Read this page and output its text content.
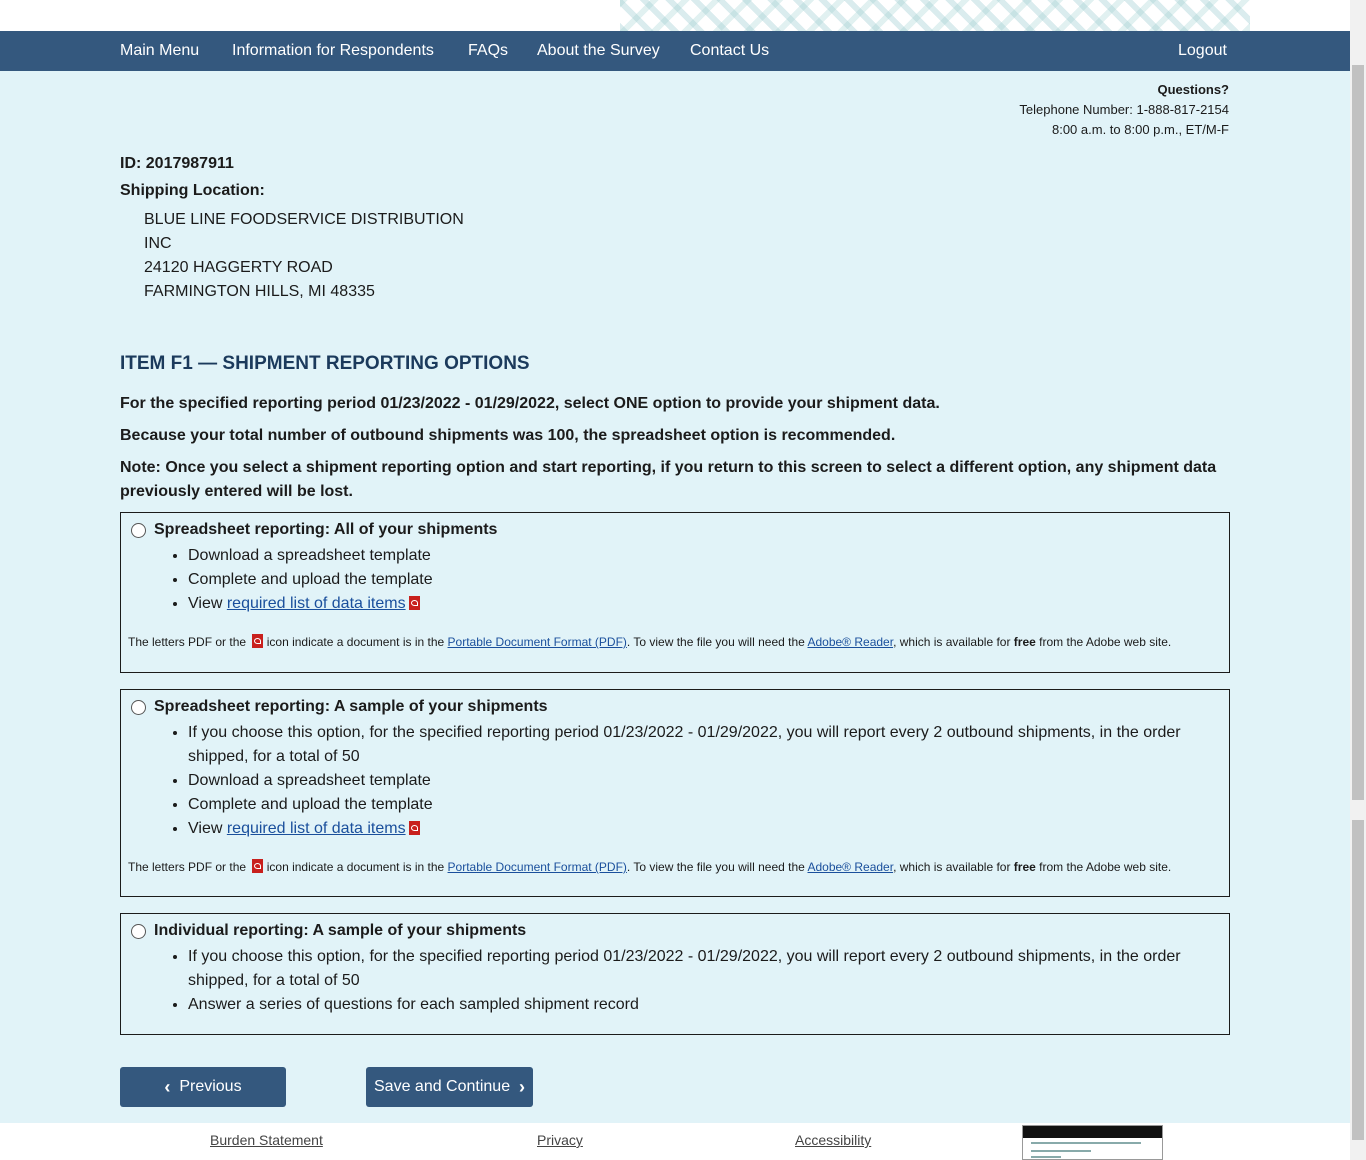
Main Menu Information for Respondents FAQs About the Survey Contact Us	Logout
Questions?
Telephone Number: 1-888-817-2154
8:00 a.m. to 8:00 p.m., ET/M-F
ID: 2017987911
Shipping Location:
BLUE LINE FOODSERVICE DISTRIBUTION
INC
24120 HAGGERTY ROAD
FARMINGTON HILLS, MI 48335
ITEM F1 — SHIPMENT REPORTING OPTIONS
For the specified reporting period 01/23/2022 - 01/29/2022, select ONE option to provide your shipment data.
Because your total number of outbound shipments was 100, the spreadsheet option is recommended.
Note: Once you select a shipment reporting option and start reporting, if you return to this screen to select a different option, any shipment data previously entered will be lost.
Spreadsheet reporting: All of your shipments
• Download a spreadsheet template
• Complete and upload the template
• View required list of data items
The letters PDF or the icon indicate a document is in the Portable Document Format (PDF). To view the file you will need the Adobe® Reader, which is available for free from the Adobe web site.
Spreadsheet reporting: A sample of your shipments
• If you choose this option, for the specified reporting period 01/23/2022 - 01/29/2022, you will report every 2 outbound shipments, in the order shipped, for a total of 50
• Download a spreadsheet template
• Complete and upload the template
• View required list of data items
The letters PDF or the icon indicate a document is in the Portable Document Format (PDF). To view the file you will need the Adobe® Reader, which is available for free from the Adobe web site.
Individual reporting: A sample of your shipments
• If you choose this option, for the specified reporting period 01/23/2022 - 01/29/2022, you will report every 2 outbound shipments, in the order shipped, for a total of 50
• Answer a series of questions for each sampled shipment record
‹
Previous	Save and Continue
›
Burden Statement	Privacy	Accessibility
